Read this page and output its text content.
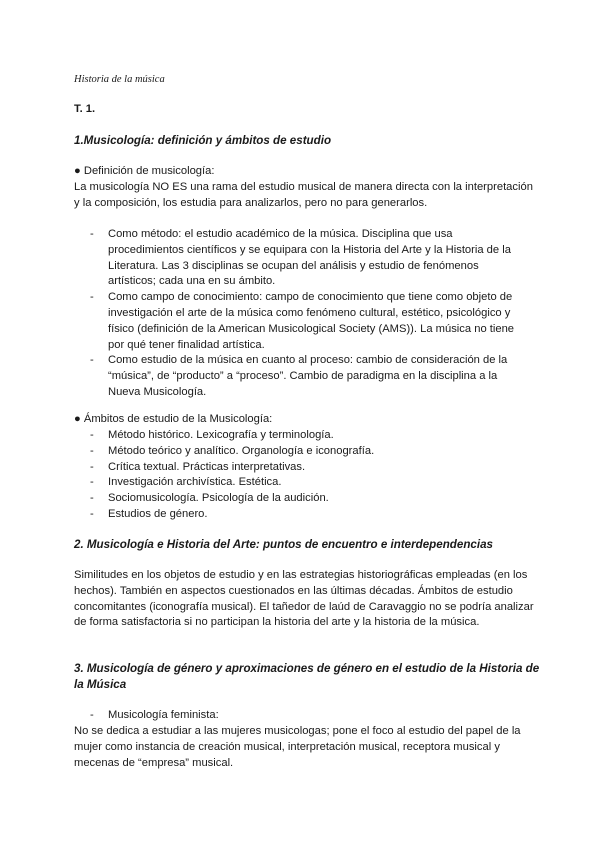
Historia de la música

T. 1.

1.Musicología: definición y ámbitos de estudio

● Definición de musicología:

La musicología NO ES una rama del estudio musical de manera directa con la interpretación y la composición, los estudia para analizarlos, pero no para generarlos.

- Como método: el estudio académico de la música. Disciplina que usa procedimientos científicos y se equipara con la Historia del Arte y la Historia de la Literatura. Las 3 disciplinas se ocupan del análisis y estudio de fenómenos artísticos; cada una en su ámbito.
- Como campo de conocimiento: campo de conocimiento que tiene como objeto de investigación el arte de la música como fenómeno cultural, estético, psicológico y físico (definición de la American Musicological Society (AMS)). La música no tiene por qué tener finalidad artística.
- Como estudio de la música en cuanto al proceso: cambio de consideración de la “música”, de “producto” a “proceso”. Cambio de paradigma en la disciplina a la Nueva Musicología.

● Ámbitos de estudio de la Musicología:

- Método histórico. Lexicografía y terminología.
- Método teórico y analítico. Organología e iconografía.
- Crítica textual. Prácticas interpretativas.
- Investigación archivística. Estética.
- Sociomusicología. Psicología de la audición.
- Estudios de género.

2. Musicología e Historia del Arte: puntos de encuentro e interdependencias

Similitudes en los objetos de estudio y en las estrategias historiográficas empleadas (en los hechos). También en aspectos cuestionados en las últimas décadas. Ámbitos de estudio concomitantes (iconografía musical). El tañedor de laúd de Caravaggio no se podría analizar de forma satisfactoria si no participan la historia del arte y la historia de la música.

3. Musicología de género y aproximaciones de género en el estudio de la Historia de la Música

- Musicología feminista:

No se dedica a estudiar a las mujeres musicologas; pone el foco al estudio del papel de la mujer como instancia de creación musical, interpretación musical, receptora musical y mecenas de “empresa” musical.
